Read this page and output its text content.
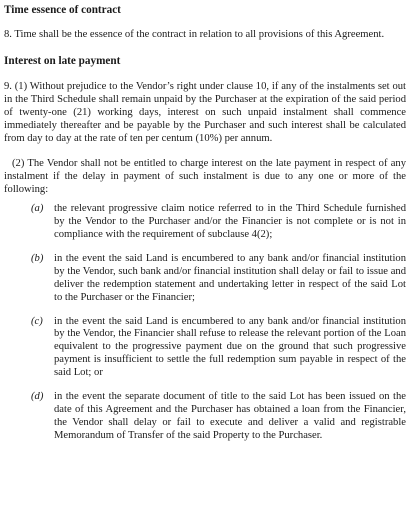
Time essence of contract

8. Time shall be the essence of the contract in relation to all provisions of this Agreement.

Interest on late payment

9. (1) Without prejudice to the Vendor’s right under clause 10, if any of the instalments set out in the Third Schedule shall remain unpaid by the Purchaser at the expiration of the said period of twenty-one (21) working days, interest on such unpaid instalment shall commence immediately thereafter and be payable by the Purchaser and such interest shall be calculated from day to day at the rate of ten per centum (10%) per annum.

(2) The Vendor shall not be entitled to charge interest on the late payment in respect of any instalment if the delay in payment of such instalment is due to any one or more of the following:

(a) the relevant progressive claim notice referred to in the Third Schedule furnished by the Vendor to the Purchaser and/or the Financier is not complete or is not in compliance with the requirement of subclause 4(2);
(b) in the event the said Land is encumbered to any bank and/or financial institution by the Vendor, such bank and/or financial institution shall delay or fail to issue and deliver the redemption statement and undertaking letter in respect of the said Lot to the Purchaser or the Financier;
(c) in the event the said Land is encumbered to any bank and/or financial institution by the Vendor, the Financier shall refuse to release the relevant portion of the Loan equivalent to the progressive payment due on the ground that such progressive payment is insufficient to settle the full redemption sum payable in respect of the said Lot; or
(d) in the event the separate document of title to the said Lot has been issued on the date of this Agreement and the Purchaser has obtained a loan from the Financier, the Vendor shall delay or fail to execute and deliver a valid and registrable Memorandum of Transfer of the said Property to the Purchaser.
